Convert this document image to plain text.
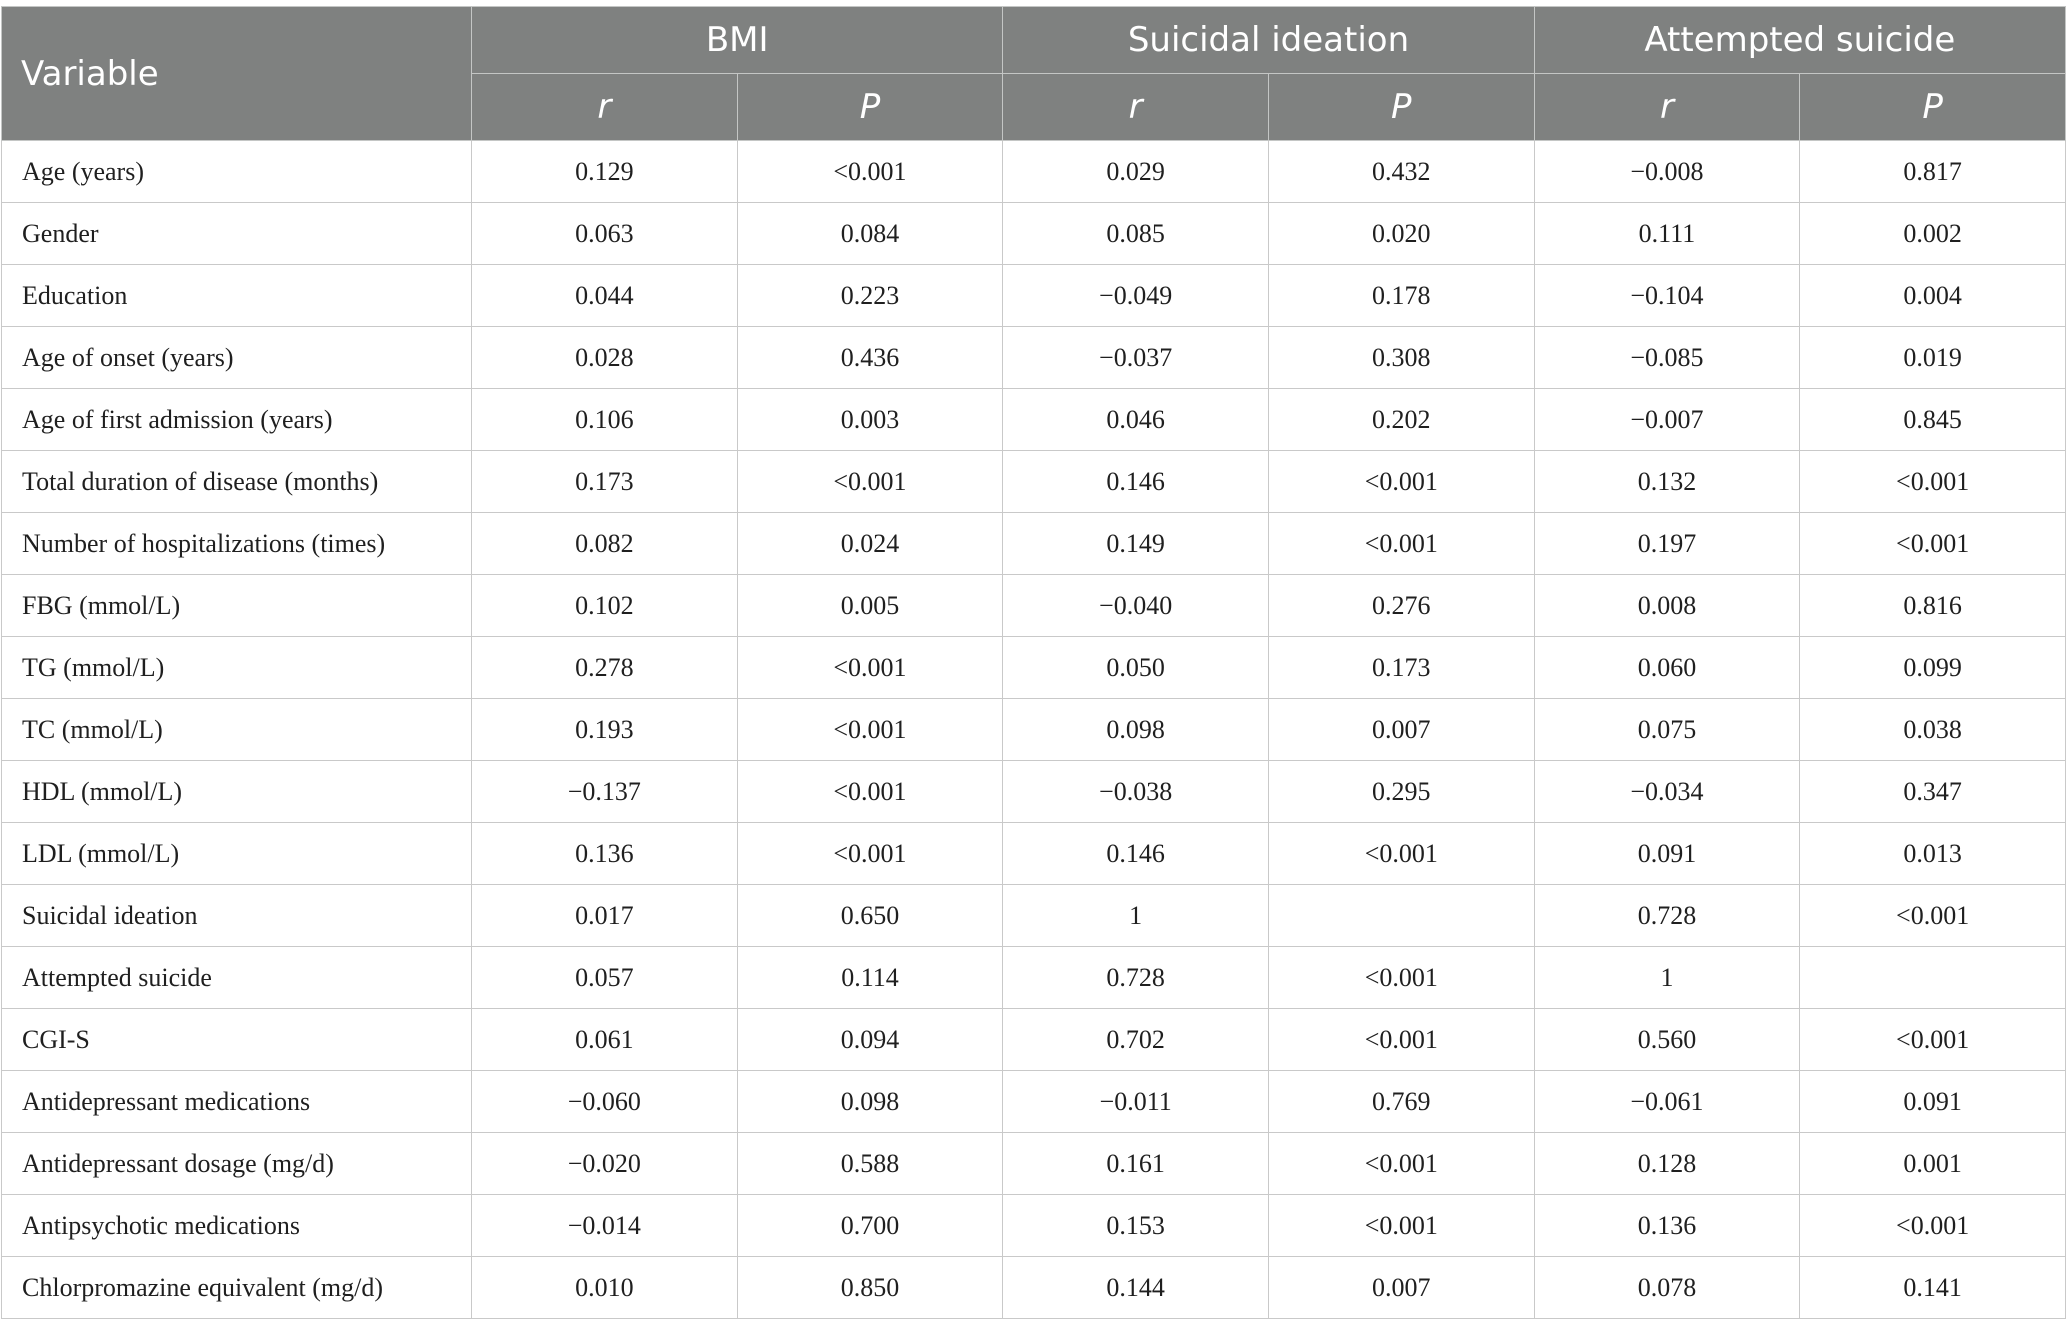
Variable	BMI		Suicidal ideation		Attempted suicide	
	r	P	r	P	r	P
Age (years)	0.129	<0.001	0.029	0.432	−0.008	0.817
Gender	0.063	0.084	0.085	0.020	0.111	0.002
Education	0.044	0.223	−0.049	0.178	−0.104	0.004
Age of onset (years)	0.028	0.436	−0.037	0.308	−0.085	0.019
Age of first admission (years)	0.106	0.003	0.046	0.202	−0.007	0.845
Total duration of disease (months)	0.173	<0.001	0.146	<0.001	0.132	<0.001
Number of hospitalizations (times)	0.082	0.024	0.149	<0.001	0.197	<0.001
FBG (mmol/L)	0.102	0.005	−0.040	0.276	0.008	0.816
TG (mmol/L)	0.278	<0.001	0.050	0.173	0.060	0.099
TC (mmol/L)	0.193	<0.001	0.098	0.007	0.075	0.038
HDL (mmol/L)	−0.137	<0.001	−0.038	0.295	−0.034	0.347
LDL (mmol/L)	0.136	<0.001	0.146	<0.001	0.091	0.013
Suicidal ideation	0.017	0.650	1		0.728	<0.001
Attempted suicide	0.057	0.114	0.728	<0.001	1	
CGI-S	0.061	0.094	0.702	<0.001	0.560	<0.001
Antidepressant medications	−0.060	0.098	−0.011	0.769	−0.061	0.091
Antidepressant dosage (mg/d)	−0.020	0.588	0.161	<0.001	0.128	0.001
Antipsychotic medications	−0.014	0.700	0.153	<0.001	0.136	<0.001
Chlorpromazine equivalent (mg/d)	0.010	0.850	0.144	0.007	0.078	0.141
